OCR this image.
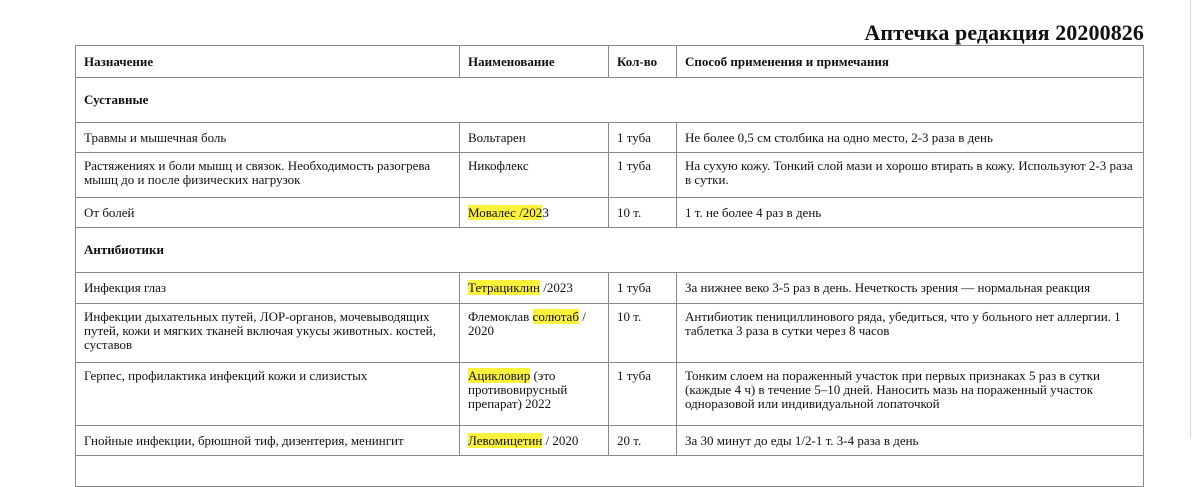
Аптечка редакция 20200826
Назначение	Наименование	Кол-во	Способ применения и примечания
Суставные			
Травмы и мышечная боль	Вольтарен	1 туба	Не более 0,5 см столбика на одно место, 2-3 раза в день
Растяжениях и боли мышц и связок. Необходимость разогрева мышц до и после физических нагрузок	Никофлекс	1 туба	На сухую кожу. Тонкий слой мази и хорошо втирать в кожу. Используют 2-3 раза в сутки.
От болей	Мовалес /2023	10 т.	1 т. не более 4 раз в день
Антибиотики			
Инфекция глаз	Тетрациклин /2023	1 туба	За нижнее веко 3-5 раз в день. Нечеткость зрения — нормальная реакция
Инфекции дыхательных путей, ЛОР-органов, мочевыводящих путей, кожи и мягких тканей включая укусы животных. костей, суставов	Флемоклав солютаб / 2020	10 т.	Антибиотик пенициллинового ряда, убедиться, что у больного нет аллергии. 1 таблетка 3 раза в сутки через 8 часов
Герпес, профилактика инфекций кожи и слизистых	Ацикловир (это противовирусный препарат) 2022	1 туба	Тонким слоем на пораженный участок при первых признаках 5 раз в сутки (каждые 4 ч) в течение 5–10 дней. Наносить мазь на пораженный участок одноразовой или индивидуальной лопаточкой
Гнойные инфекции, брюшной тиф, дизентерия, менингит	Левомицетин / 2020	20 т.	За 30 минут до еды 1/2-1 т. 3-4 раза в день
